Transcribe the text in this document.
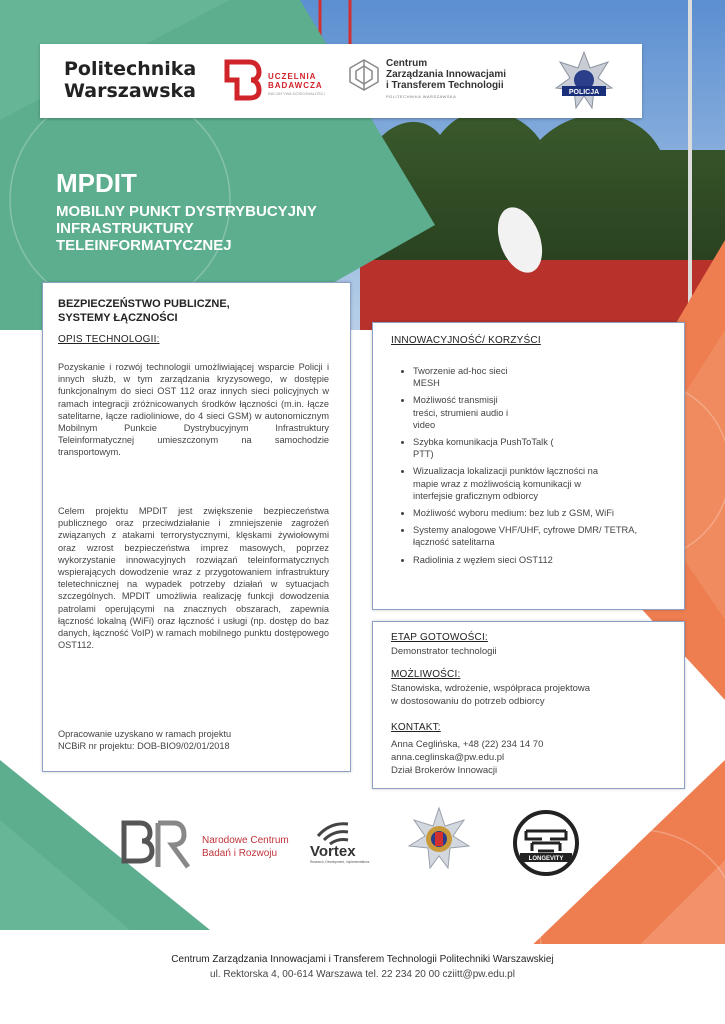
Politechnika
Warszawska
UCZELNIA
BADAWCZA
INICJATYWA DOSKONAŁOŚCI
Centrum
Zarządzania Innowacjami
i Transferem Technologii
POLITECHNIKA WARSZAWSKA
POLICJA
MPDIT
MOBILNY PUNKT DYSTRYBUCYJNY
INFRASTRUKTURY
TELEINFORMATYCZNEJ
BEZPIECZEŃSTWO PUBLICZNE,
SYSTEMY ŁĄCZNOŚCI
OPIS TECHNOLOGII:
Pozyskanie i rozwój technologii umożliwiającej wsparcie Policji i innych służb, w tym zarządzania kryzysowego, w dostępie funkcjonalnym do sieci OST 112 oraz innych sieci policyjnych w ramach integracji zróżnicowanych środków łączności (m.in. łącze satelitarne, łącze radioliniowe, do 4 sieci GSM) w autonomicznym Mobilnym Punkcie Dystrybucyjnym Infrastruktury Teleinformatycznej umieszczonym na samochodzie transportowym.
Celem projektu MPDIT jest zwiększenie bezpieczeństwa publicznego oraz przeciwdziałanie i zmniejszenie zagrożeń związanych z atakami terrorystycznymi, klęskami żywiołowymi oraz wzrost bezpieczeństwa imprez masowych, poprzez wykorzystanie innowacyjnych rozwiązań teleinformatycznych wspierających dowodzenie wraz z przygotowaniem infrastruktury teletechnicznej na wypadek potrzeby działań w sytuacjach szczególnych. MPDIT umożliwia realizację funkcji dowodzenia patrolami operującymi na znacznych obszarach, zapewnia łączność lokalną (WiFi) oraz łączność i usługi (np. dostęp do baz danych, łączność VoIP) w ramach mobilnego punktu dostępowego OST112.
Opracowanie uzyskano w ramach projektu
NCBiR nr projektu: DOB-BIO9/02/01/2018
INNOWACYJNOŚĆ/ KORZYŚCI
• Tworzenie ad-hoc sieci MESH
• Możliwość transmisji treści, strumieni audio i video
• Szybka komunikacja PushToTalk ( PTT)
• Wizualizacja lokalizacji punktów łączności na mapie wraz z możliwością komunikacji w interfejsie graficznym odbiorcy
• Możliwość wyboru medium: bez lub z GSM, WiFi
• Systemy analogowe VHF/UHF, cyfrowe DMR/ TETRA, łączność satelitarna
• Radiolinia z węzłem sieci OST112
ETAP GOTOWOŚCI:
Demonstrator technologii
MOŻLIWOŚCI:
Stanowiska, wdrożenie, współpraca projektowa
w dostosowaniu do potrzeb odbiorcy
KONTAKT:
Anna Ceglińska, +48 (22) 234 14 70
anna.ceglinska@pw.edu.pl
Dział Brokerów Innowacji
Narodowe Centrum
Badań i Rozwoju	Vortex
Research, Development, Implementations	LONGEVITY
Centrum Zarządzania Innowacjami i Transferem Technologii Politechniki Warszawskiej
ul. Rektorska 4, 00-614 Warszawa tel. 22 234 20 00 cziitt@pw.edu.pl
